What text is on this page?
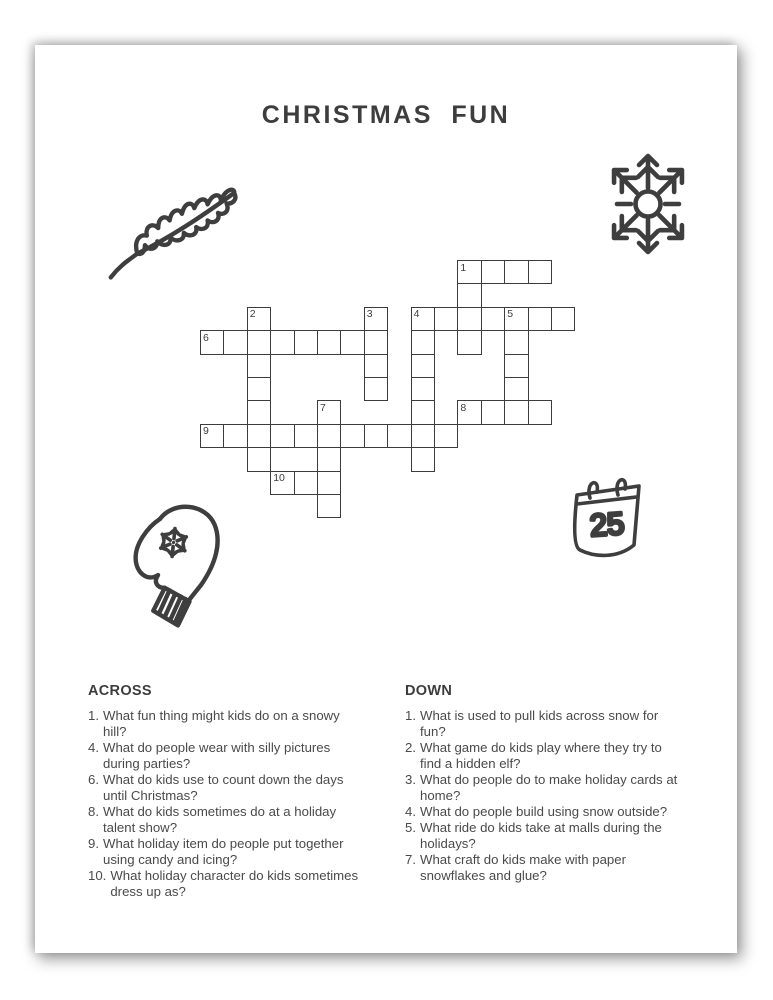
CHRISTMAS FUN
1
2	3	4	5
6
7	8
9
10
25
ACROSS
1. What fun thing might kids do on a snowy hill?
4. What do people wear with silly pictures during parties?
6. What do kids use to count down the days until Christmas?
8. What do kids sometimes do at a holiday talent show?
9. What holiday item do people put together using candy and icing?
10. What holiday character do kids sometimes dress up as?
DOWN
1. What is used to pull kids across snow for fun?
2. What game do kids play where they try to find a hidden elf?
3. What do people do to make holiday cards at home?
4. What do people build using snow outside?
5. What ride do kids take at malls during the holidays?
7. What craft do kids make with paper snowflakes and glue?
